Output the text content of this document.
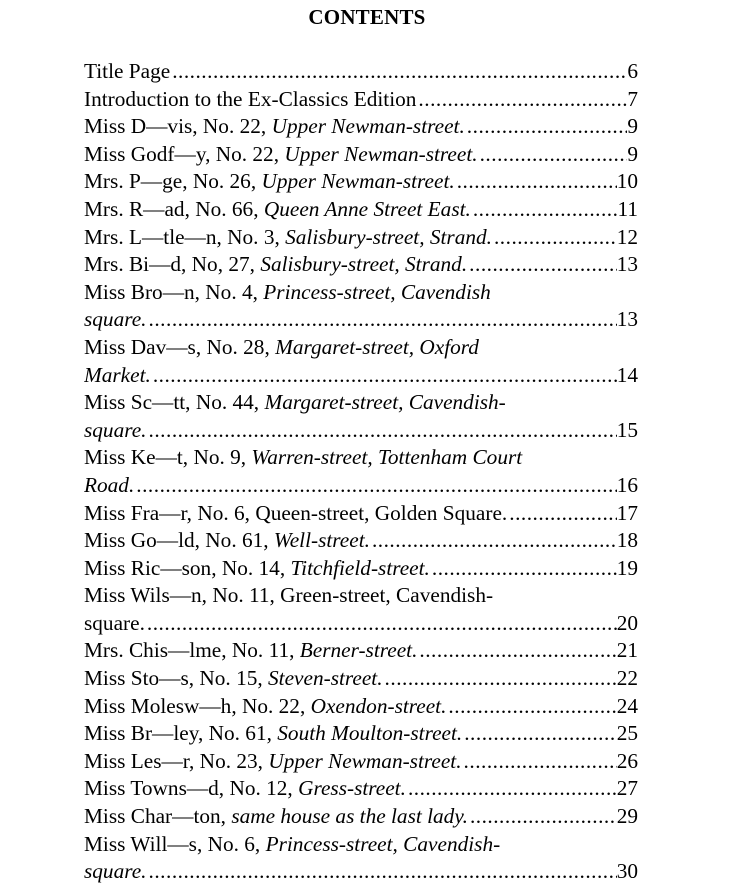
CONTENTS
Title Page .....	6
Introduction to the Ex-Classics Edition .....	7
Miss D—vis, No. 22, Upper Newman-street. .....	9
Miss Godf—y, No. 22, Upper Newman-street. .....	9
Mrs. P—ge, No. 26, Upper Newman-street. .....	10
Mrs. R—ad, No. 66, Queen Anne Street East. .....	11
Mrs. L—tle—n, No. 3, Salisbury-street, Strand. .....	12
Mrs. Bi—d, No, 27, Salisbury-street, Strand. .....	13
Miss Bro—n, No. 4, Princess-street, Cavendish
square. .....	13
Miss Dav—s, No. 28, Margaret-street, Oxford
Market. .....	14
Miss Sc—tt, No. 44, Margaret-street, Cavendish-
square. .....	15
Miss Ke—t, No. 9, Warren-street, Tottenham Court
Road. .....	16
Miss Fra—r, No. 6, Queen-street, Golden Square. .....	17
Miss Go—ld, No. 61, Well-street. .....	18
Miss Ric—son, No. 14, Titchfield-street. .....	19
Miss Wils—n, No. 11, Green-street, Cavendish-
square. .....	20
Mrs. Chis—lme, No. 11, Berner-street. .....	21
Miss Sto—s, No. 15, Steven-street. .....	22
Miss Molesw—h, No. 22, Oxendon-street. .....	24
Miss Br—ley, No. 61, South Moulton-street. .....	25
Miss Les—r, No. 23, Upper Newman-street. .....	26
Miss Towns—d, No. 12, Gress-street. .....	27
Miss Char—ton, same house as the last lady. .....	29
Miss Will—s, No. 6, Princess-street, Cavendish-
square. .....	30
